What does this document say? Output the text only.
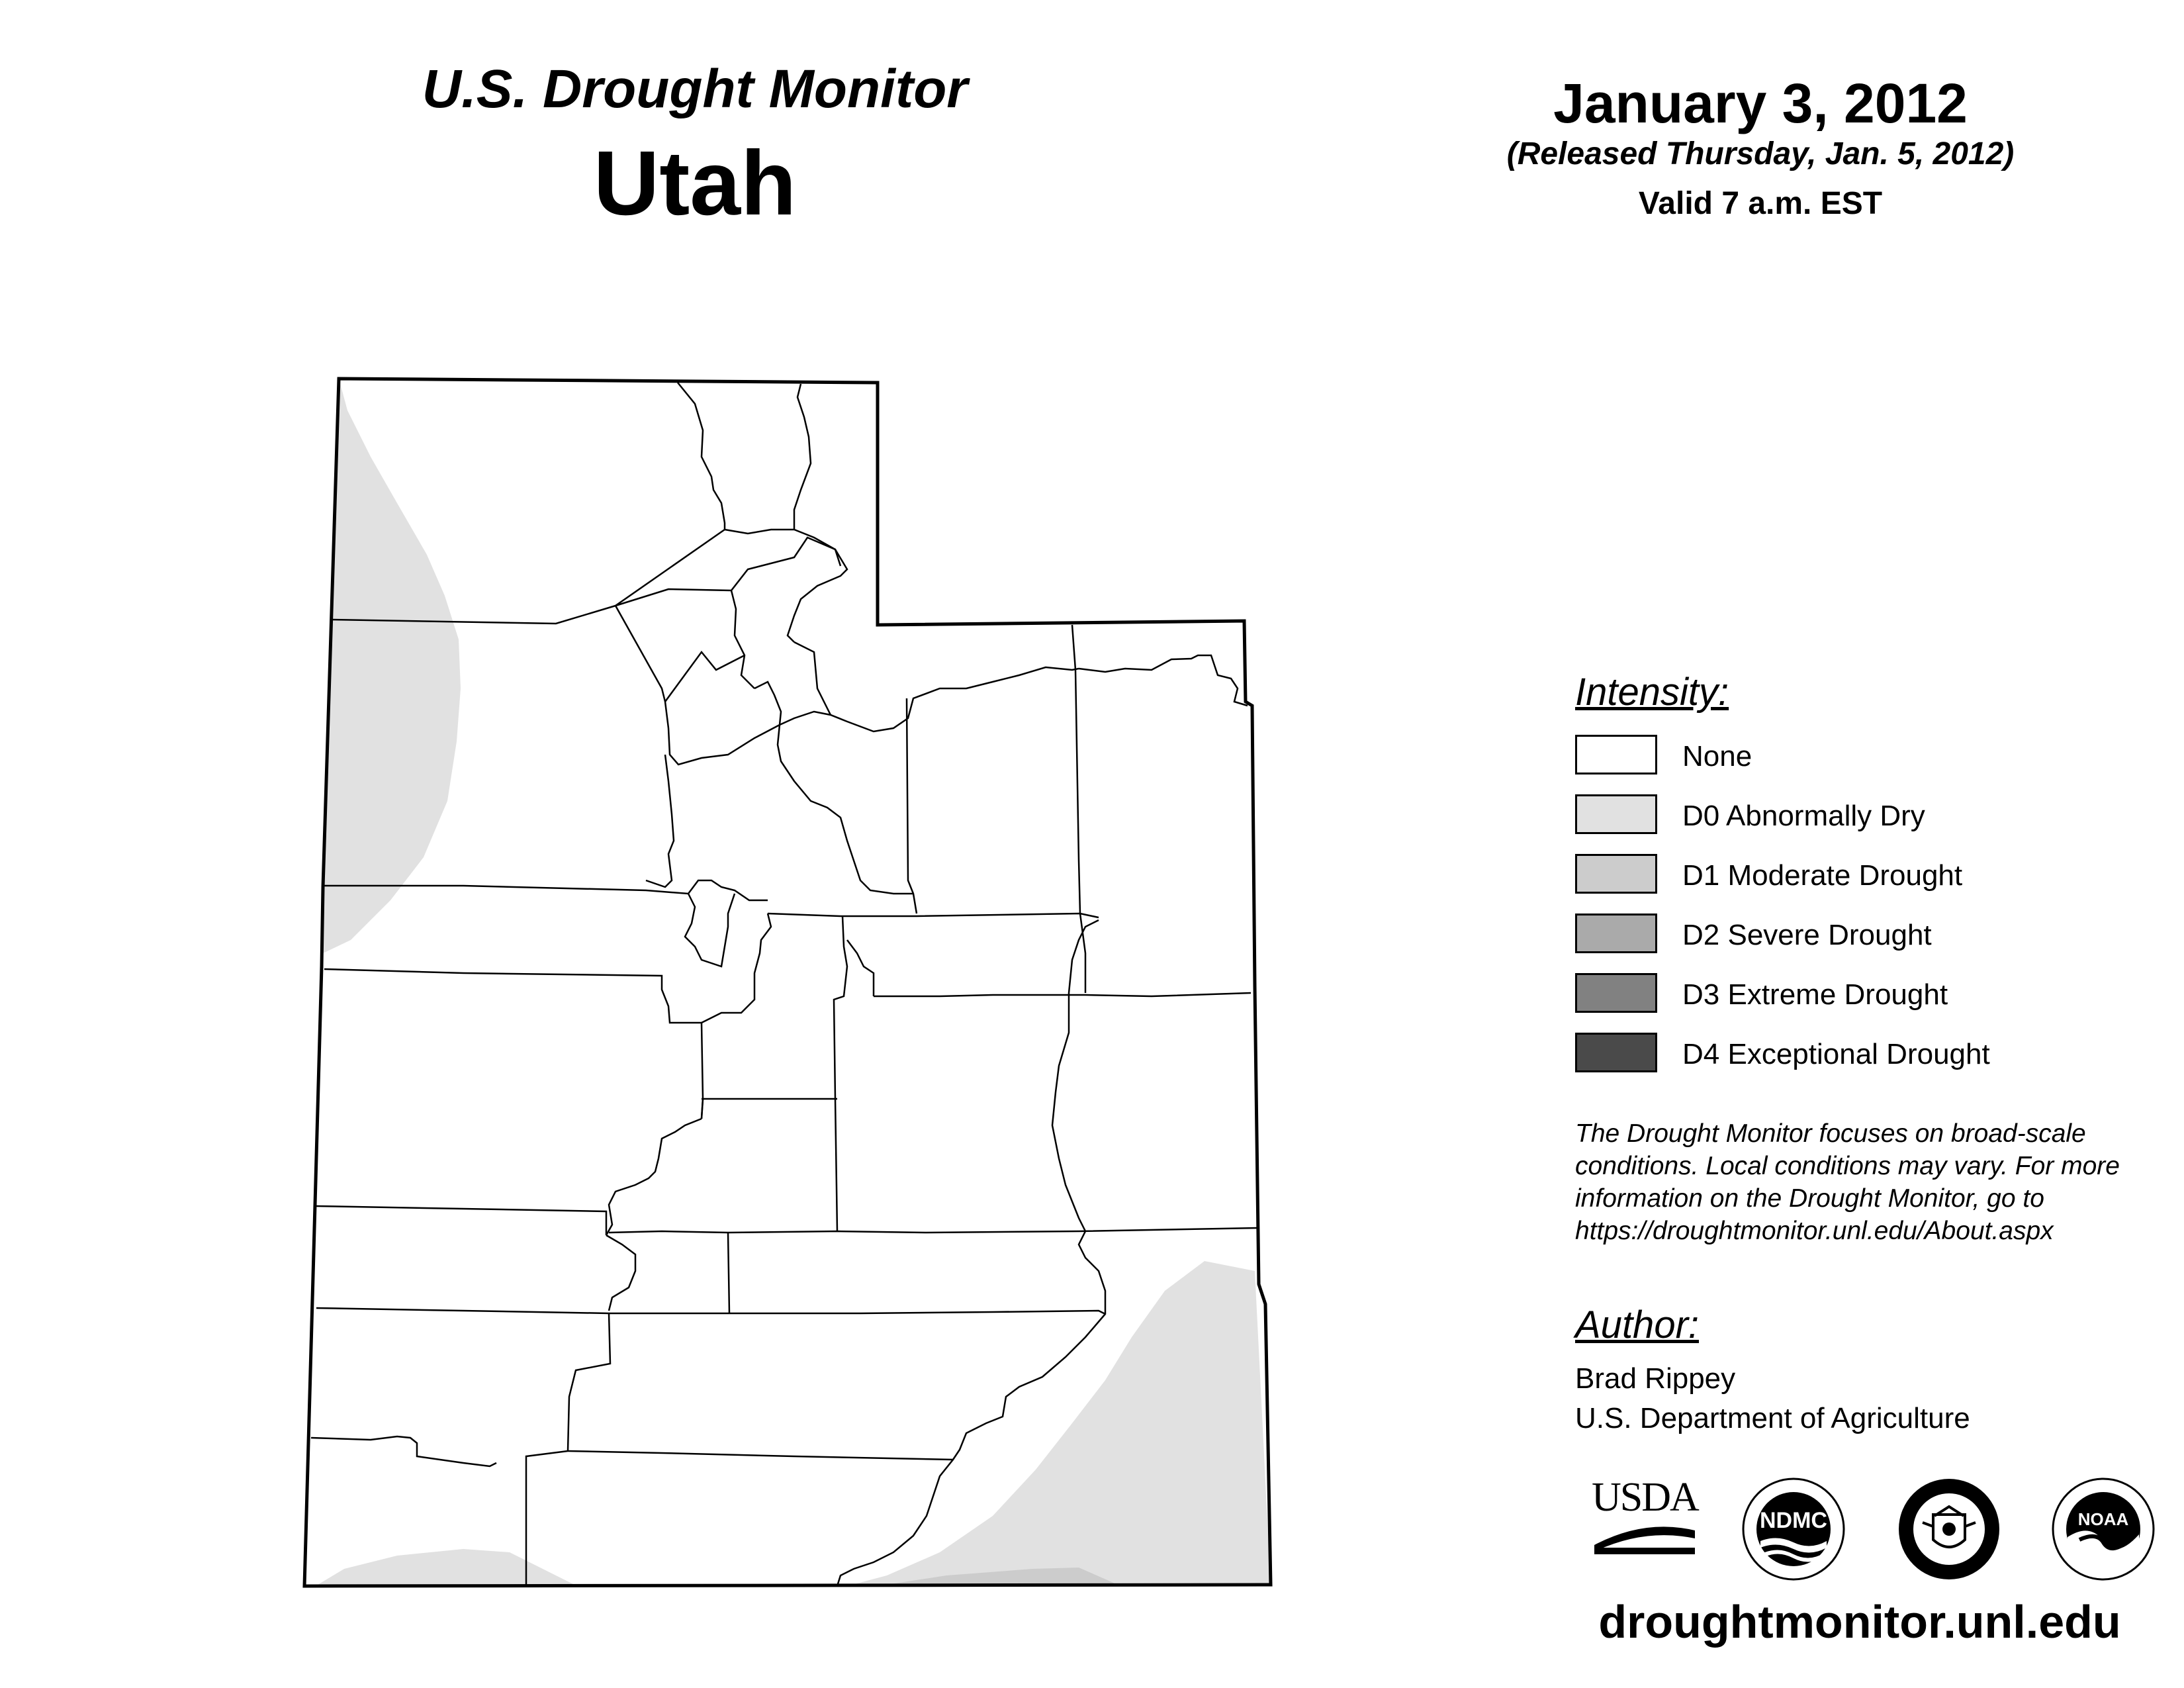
U.S. Drought Monitor
Utah
January 3, 2012
(Released Thursday, Jan. 5, 2012)
Valid 7 a.m. EST
Intensity:
None
D0 Abnormally Dry
D1 Moderate Drought
D2 Severe Drought
D3 Extreme Drought
D4 Exceptional Drought
The Drought Monitor focuses on broad-scale conditions. Local conditions may vary. For more information on the Drought Monitor, go to https://droughtmonitor.unl.edu/About.aspx
Author:
Brad Rippey
U.S. Department of Agriculture
USDA
NDMC	NOAA
droughtmonitor.unl.edu
